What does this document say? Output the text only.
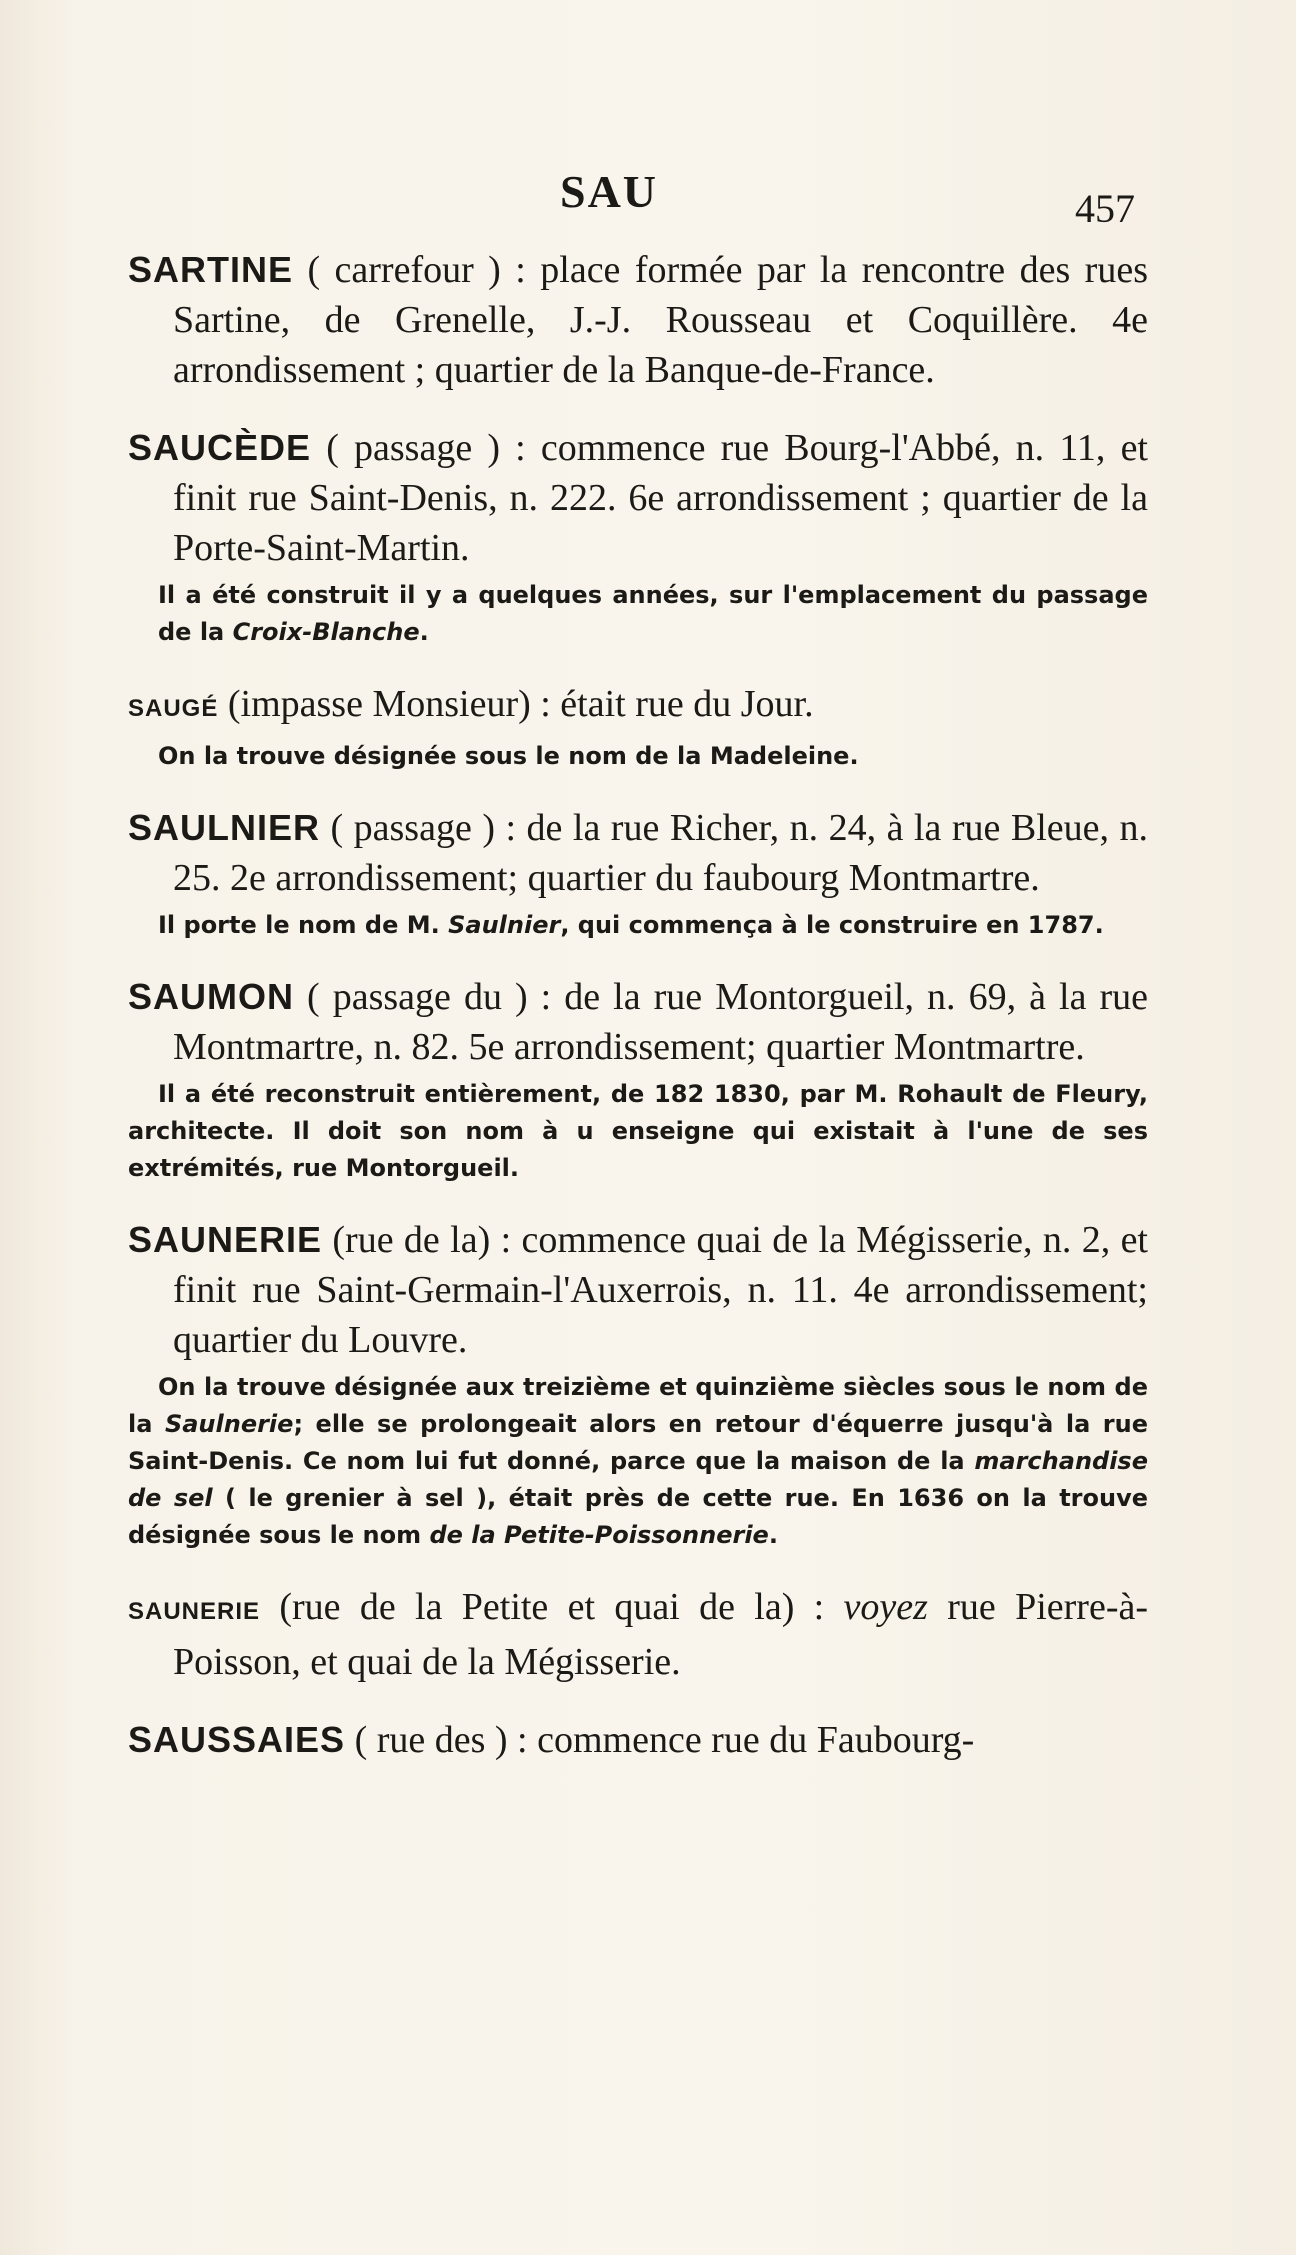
SAU	457

SARTINE ( carrefour ) : place formée par la rencontre des rues Sartine, de Grenelle, J.-J. Rousseau et Coquillère. 4e arrondissement ; quartier de la Banque-de-France.

SAUCÈDE ( passage ) : commence rue Bourg-l'Abbé, n. 11, et finit rue Saint-Denis, n. 222. 6e arrondissement ; quartier de la Porte-Saint-Martin.

Il a été construit il y a quelques années, sur l'emplacement du passage de la Croix-Blanche.

SAUGÉ (impasse Monsieur) : était rue du Jour.

On la trouve désignée sous le nom de la Madeleine.

SAULNIER ( passage ) : de la rue Richer, n. 24, à la rue Bleue, n. 25. 2e arrondissement; quartier du faubourg Montmartre.

Il porte le nom de M. Saulnier, qui commença à le construire en 1787.

SAUMON ( passage du ) : de la rue Montorgueil, n. 69, à la rue Montmartre, n. 82. 5e arrondissement; quartier Montmartre.

Il a été reconstruit entièrement, de 182 1830, par M. Rohault de Fleury, architecte. Il doit son nom à u enseigne qui existait à l'une de ses extrémités, rue Montorgueil.

SAUNERIE (rue de la) : commence quai de la Mégisserie, n. 2, et finit rue Saint-Germain-l'Auxerrois, n. 11. 4e arrondissement; quartier du Louvre.

On la trouve désignée aux treizième et quinzième siècles sous le nom de la Saulnerie; elle se prolongeait alors en retour d'équerre jusqu'à la rue Saint-Denis. Ce nom lui fut donné, parce que la maison de la marchandise de sel ( le grenier à sel ), était près de cette rue. En 1636 on la trouve désignée sous le nom de la Petite-Poissonnerie.

SAUNERIE (rue de la Petite et quai de la) : voyez rue Pierre-à-Poisson, et quai de la Mégisserie.

SAUSSAIES ( rue des ) : commence rue du Faubourg-
